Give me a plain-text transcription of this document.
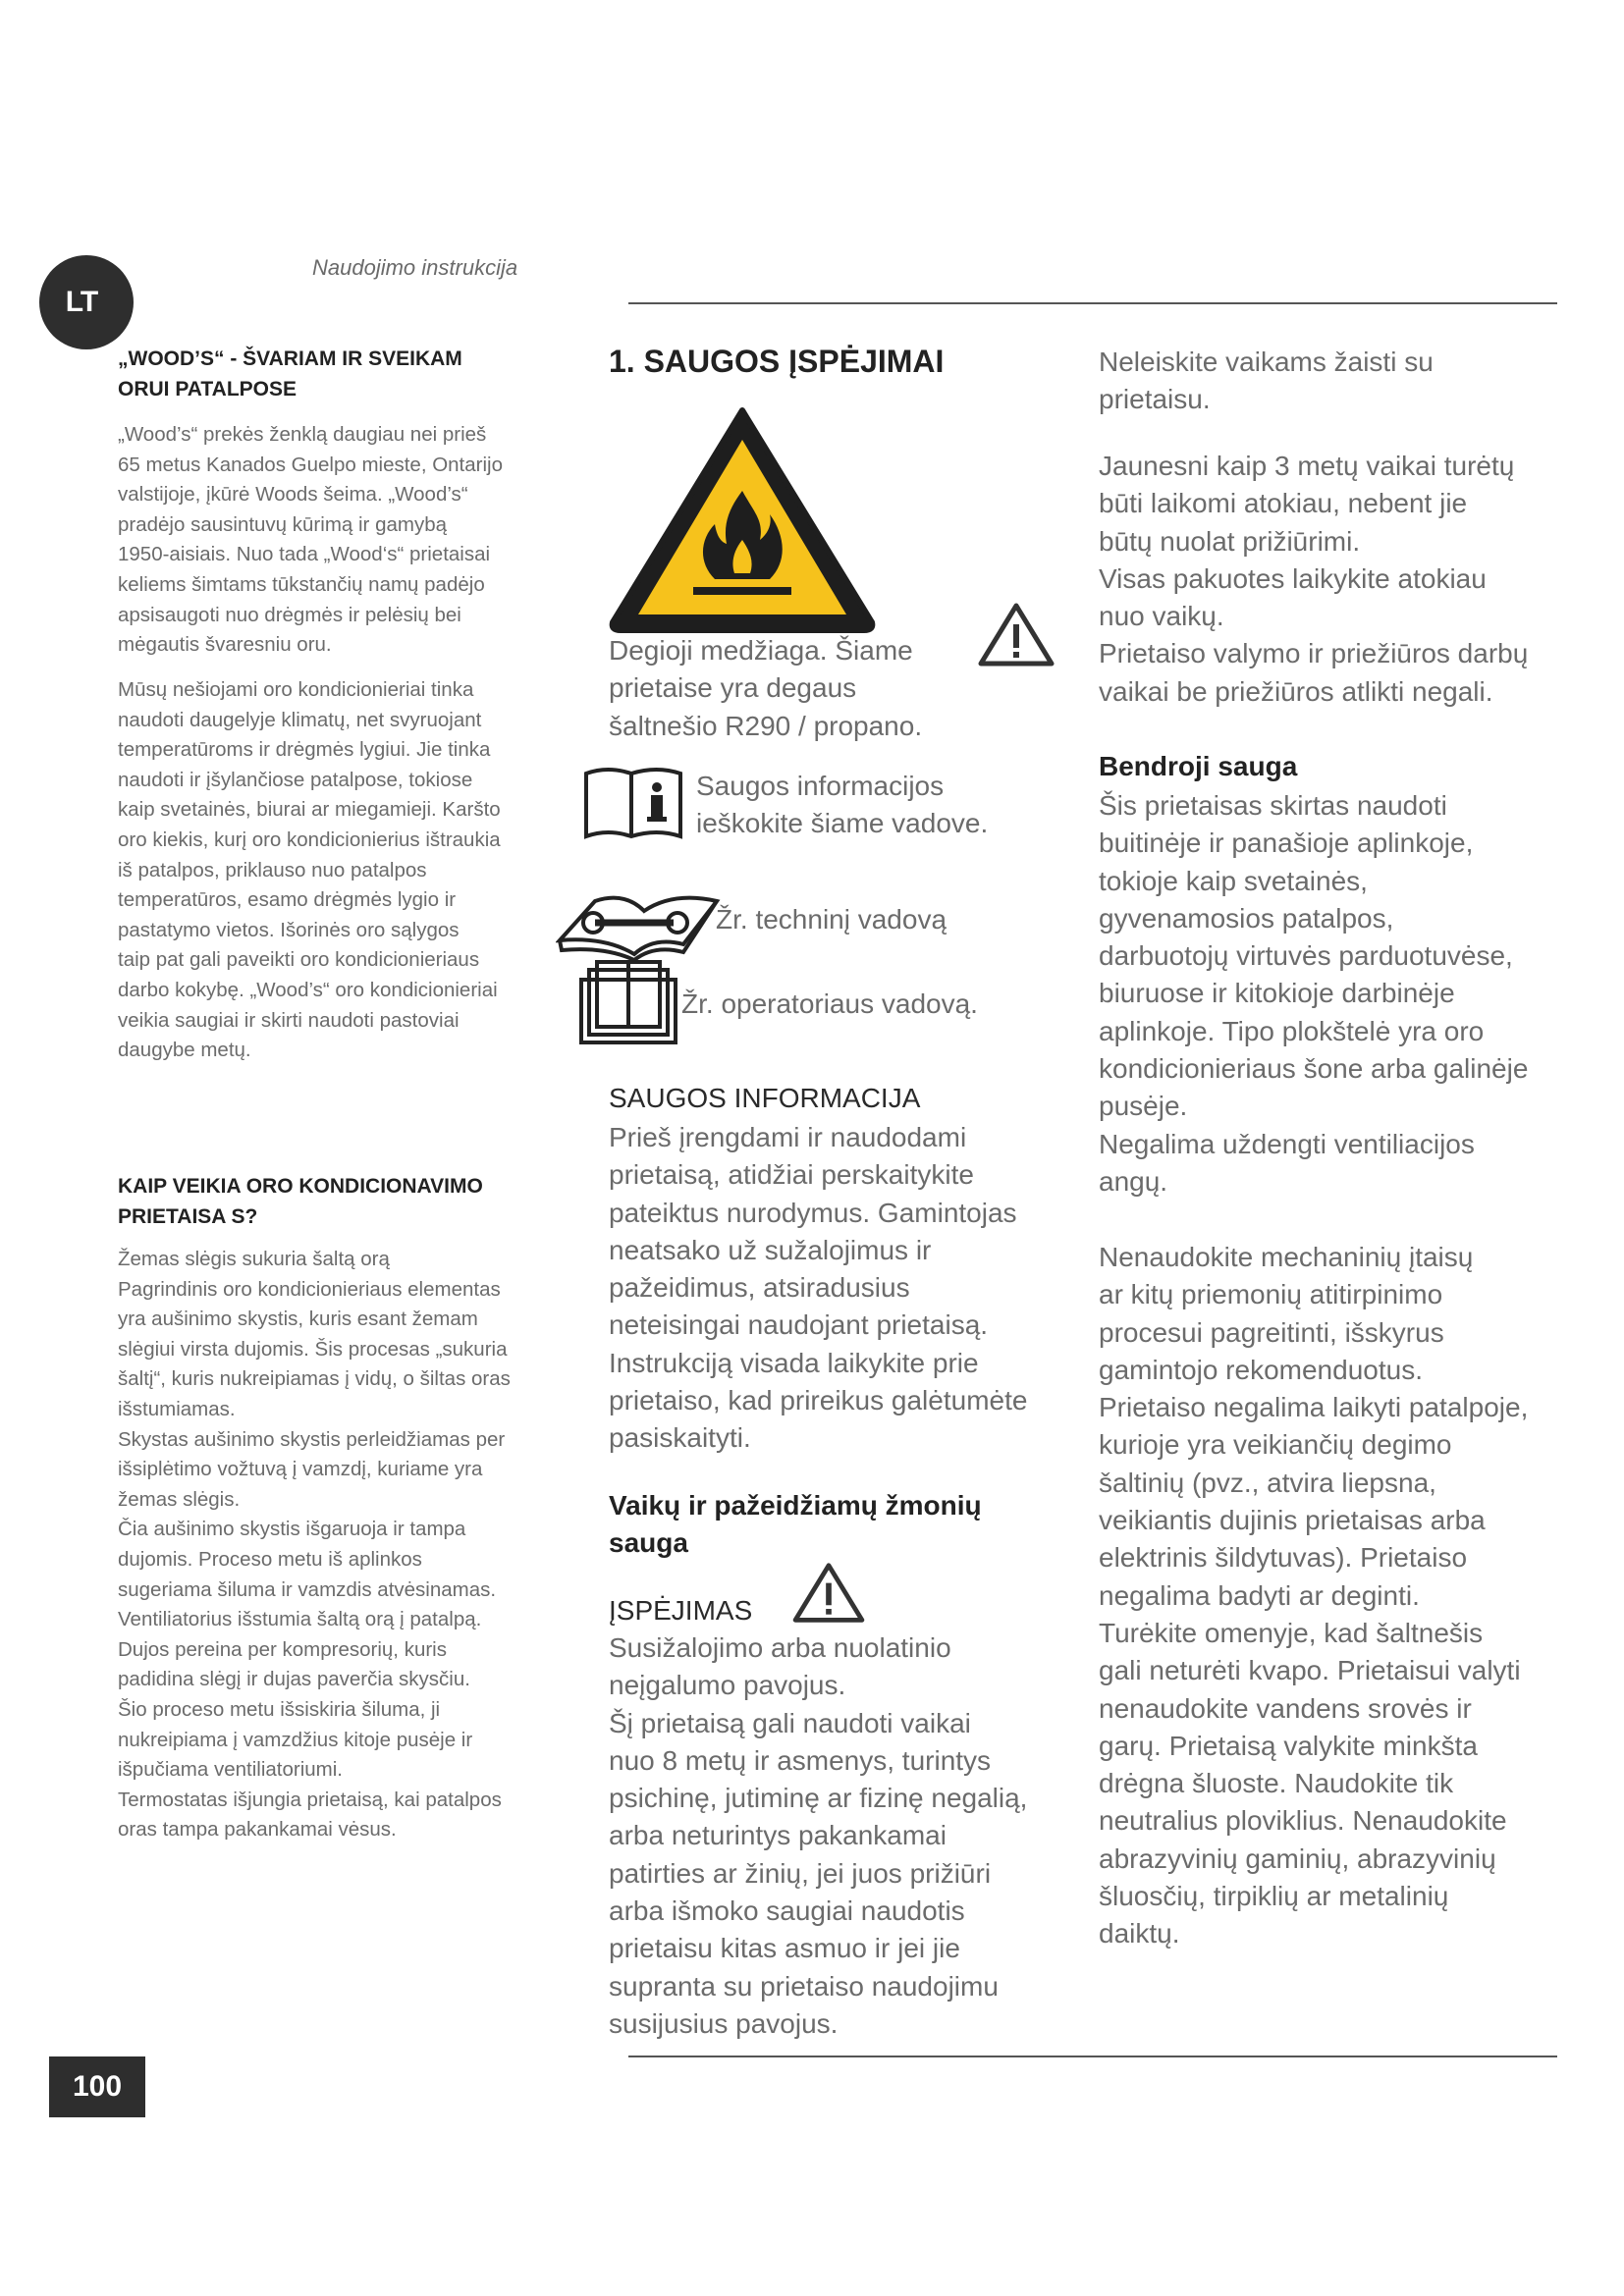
LT
Naudojimo instrukcija
„WOOD’S“ - ŠVARIAM IR SVEIKAM
ORUI PATALPOSE
„Wood’s“ prekės ženklą daugiau nei prieš
65 metus Kanados Guelpo mieste, Ontarijo
valstijoje, įkūrė Woods šeima. „Wood’s“
pradėjo sausintuvų kūrimą ir gamybą
1950-aisiais. Nuo tada „Wood‘s“ prietaisai
keliems šimtams tūkstančių namų padėjo
apsisaugoti nuo drėgmės ir pelėsių bei
mėgautis švaresniu oru.
Mūsų nešiojami oro kondicionieriai tinka
naudoti daugelyje klimatų, net svyruojant
temperatūroms ir drėgmės lygiui. Jie tinka
naudoti ir įšylančiose patalpose, tokiose
kaip svetainės, biurai ar miegamieji. Karšto
oro kiekis, kurį oro kondicionierius ištraukia
iš patalpos, priklauso nuo patalpos
temperatūros, esamo drėgmės lygio ir
pastatymo vietos. Išorinės oro sąlygos
taip pat gali paveikti oro kondicionieriaus
darbo kokybę. „Wood’s“ oro kondicionieriai
veikia saugiai ir skirti naudoti pastoviai
daugybe metų.
KAIP VEIKIA ORO KONDICIONAVIMO
PRIETAISA S?
Žemas slėgis sukuria šaltą orą
Pagrindinis oro kondicionieriaus elementas
yra aušinimo skystis, kuris esant žemam
slėgiui virsta dujomis. Šis procesas „sukuria
šaltį“, kuris nukreipiamas į vidų, o šiltas oras
išstumiamas.
Skystas aušinimo skystis perleidžiamas per
išsiplėtimo vožtuvą į vamzdį, kuriame yra
žemas slėgis.
Čia aušinimo skystis išgaruoja ir tampa
dujomis. Proceso metu iš aplinkos
sugeriama šiluma ir vamzdis atvėsinamas.
Ventiliatorius išstumia šaltą orą į patalpą.
Dujos pereina per kompresorių, kuris
padidina slėgį ir dujas paverčia skysčiu.
Šio proceso metu išsiskiria šiluma, ji
nukreipiama į vamzdžius kitoje pusėje ir
išpučiama ventiliatoriumi.
Termostatas išjungia prietaisą, kai patalpos
oras tampa pakankamai vėsus.
1. SAUGOS ĮSPĖJIMAI
Degioji medžiaga. Šiame
prietaise yra degaus
šaltnešio R290 / propano.
Saugos informacijos
ieškokite šiame vadove.
Žr. techninį vadovą
Žr. operatoriaus vadovą.
SAUGOS INFORMACIJA
Prieš įrengdami ir naudodami
prietaisą, atidžiai perskaitykite
pateiktus nurodymus. Gamintojas
neatsako už sužalojimus ir
pažeidimus, atsiradusius
neteisingai naudojant prietaisą.
Instrukciją visada laikykite prie
prietaiso, kad prireikus galėtumėte
pasiskaityti.
Vaikų ir pažeidžiamų žmonių
sauga
ĮSPĖJIMAS
Susižalojimo arba nuolatinio
neįgalumo pavojus.
Šį prietaisą gali naudoti vaikai
nuo 8 metų ir asmenys, turintys
psichinę, jutiminę ar fizinę negalią,
arba neturintys pakankamai
patirties ar žinių, jei juos prižiūri
arba išmoko saugiai naudotis
prietaisu kitas asmuo ir jei jie
supranta su prietaiso naudojimu
susijusius pavojus.
Neleiskite vaikams žaisti su
prietaisu.
Jaunesni kaip 3 metų vaikai turėtų
būti laikomi atokiau, nebent jie
būtų nuolat prižiūrimi.
Visas pakuotes laikykite atokiau
nuo vaikų.
Prietaiso valymo ir priežiūros darbų
vaikai be priežiūros atlikti negali.
Bendroji sauga
Šis prietaisas skirtas naudoti
buitinėje ir panašioje aplinkoje,
tokioje kaip svetainės,
gyvenamosios patalpos,
darbuotojų virtuvės parduotuvėse,
biuruose ir kitokioje darbinėje
aplinkoje. Tipo plokštelė yra oro
kondicionieriaus šone arba galinėje
pusėje.
Negalima uždengti ventiliacijos
angų.
Nenaudokite mechaninių įtaisų
ar kitų priemonių atitirpinimo
procesui pagreitinti, išskyrus
gamintojo rekomenduotus.
Prietaiso negalima laikyti patalpoje,
kurioje yra veikiančių degimo
šaltinių (pvz., atvira liepsna,
veikiantis dujinis prietaisas arba
elektrinis šildytuvas). Prietaiso
negalima badyti ar deginti.
Turėkite omenyje, kad šaltnešis
gali neturėti kvapo. Prietaisui valyti
nenaudokite vandens srovės ir
garų. Prietaisą valykite minkšta
drėgna šluoste. Naudokite tik
neutralius ploviklius. Nenaudokite
abrazyvinių gaminių, abrazyvinių
šluosčių, tirpiklių ar metalinių
daiktų.
100
